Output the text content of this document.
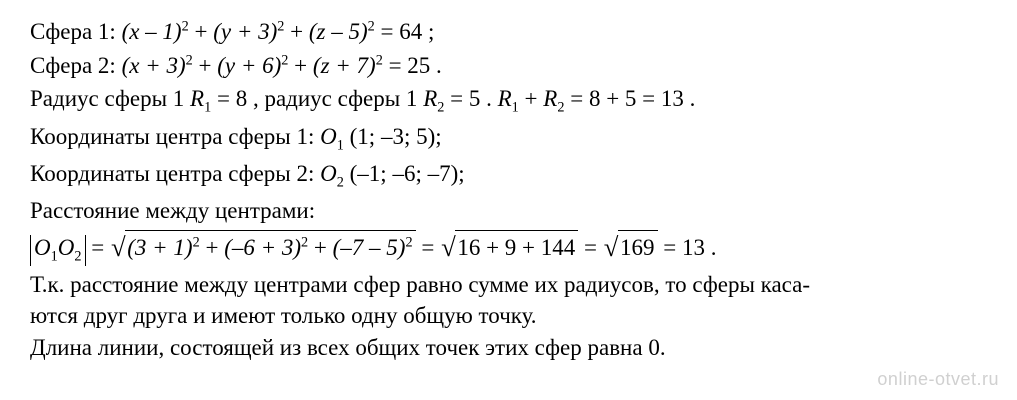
Сфера 1: $(x - 1)^2 + (y + 3)^2 + (z - 5)^2 = 64$ ;
Сфера 2: $(x + 3)^2 + (y + 6)^2 + (z + 7)^2 = 25$ .
Радиус сферы 1 $R_1 = 8$ , радиус сферы 1 $R_2 = 5$ . $R_1 + R_2 = 8 + 5 = 13$ .
Координаты центра сферы 1: $O_1$ (1; –3; 5);
Координаты центра сферы 2: $O_2$ (–1; –6; –7);
Расстояние между центрами:
$O_1O_2$ = √ $(3 + 1)^2 + (-6 + 3)^2 + (-7 - 5)^2$ = √ 16 + 9 + 144 = √ 169 = 13 .
Т.к. расстояние между центрами сфер равно сумме их радиусов, то сферы каса-
ются друг друга и имеют только одну общую точку.
Длина линии, состоящей из всех общих точек этих сфер равна 0.
online-otvet.ru
